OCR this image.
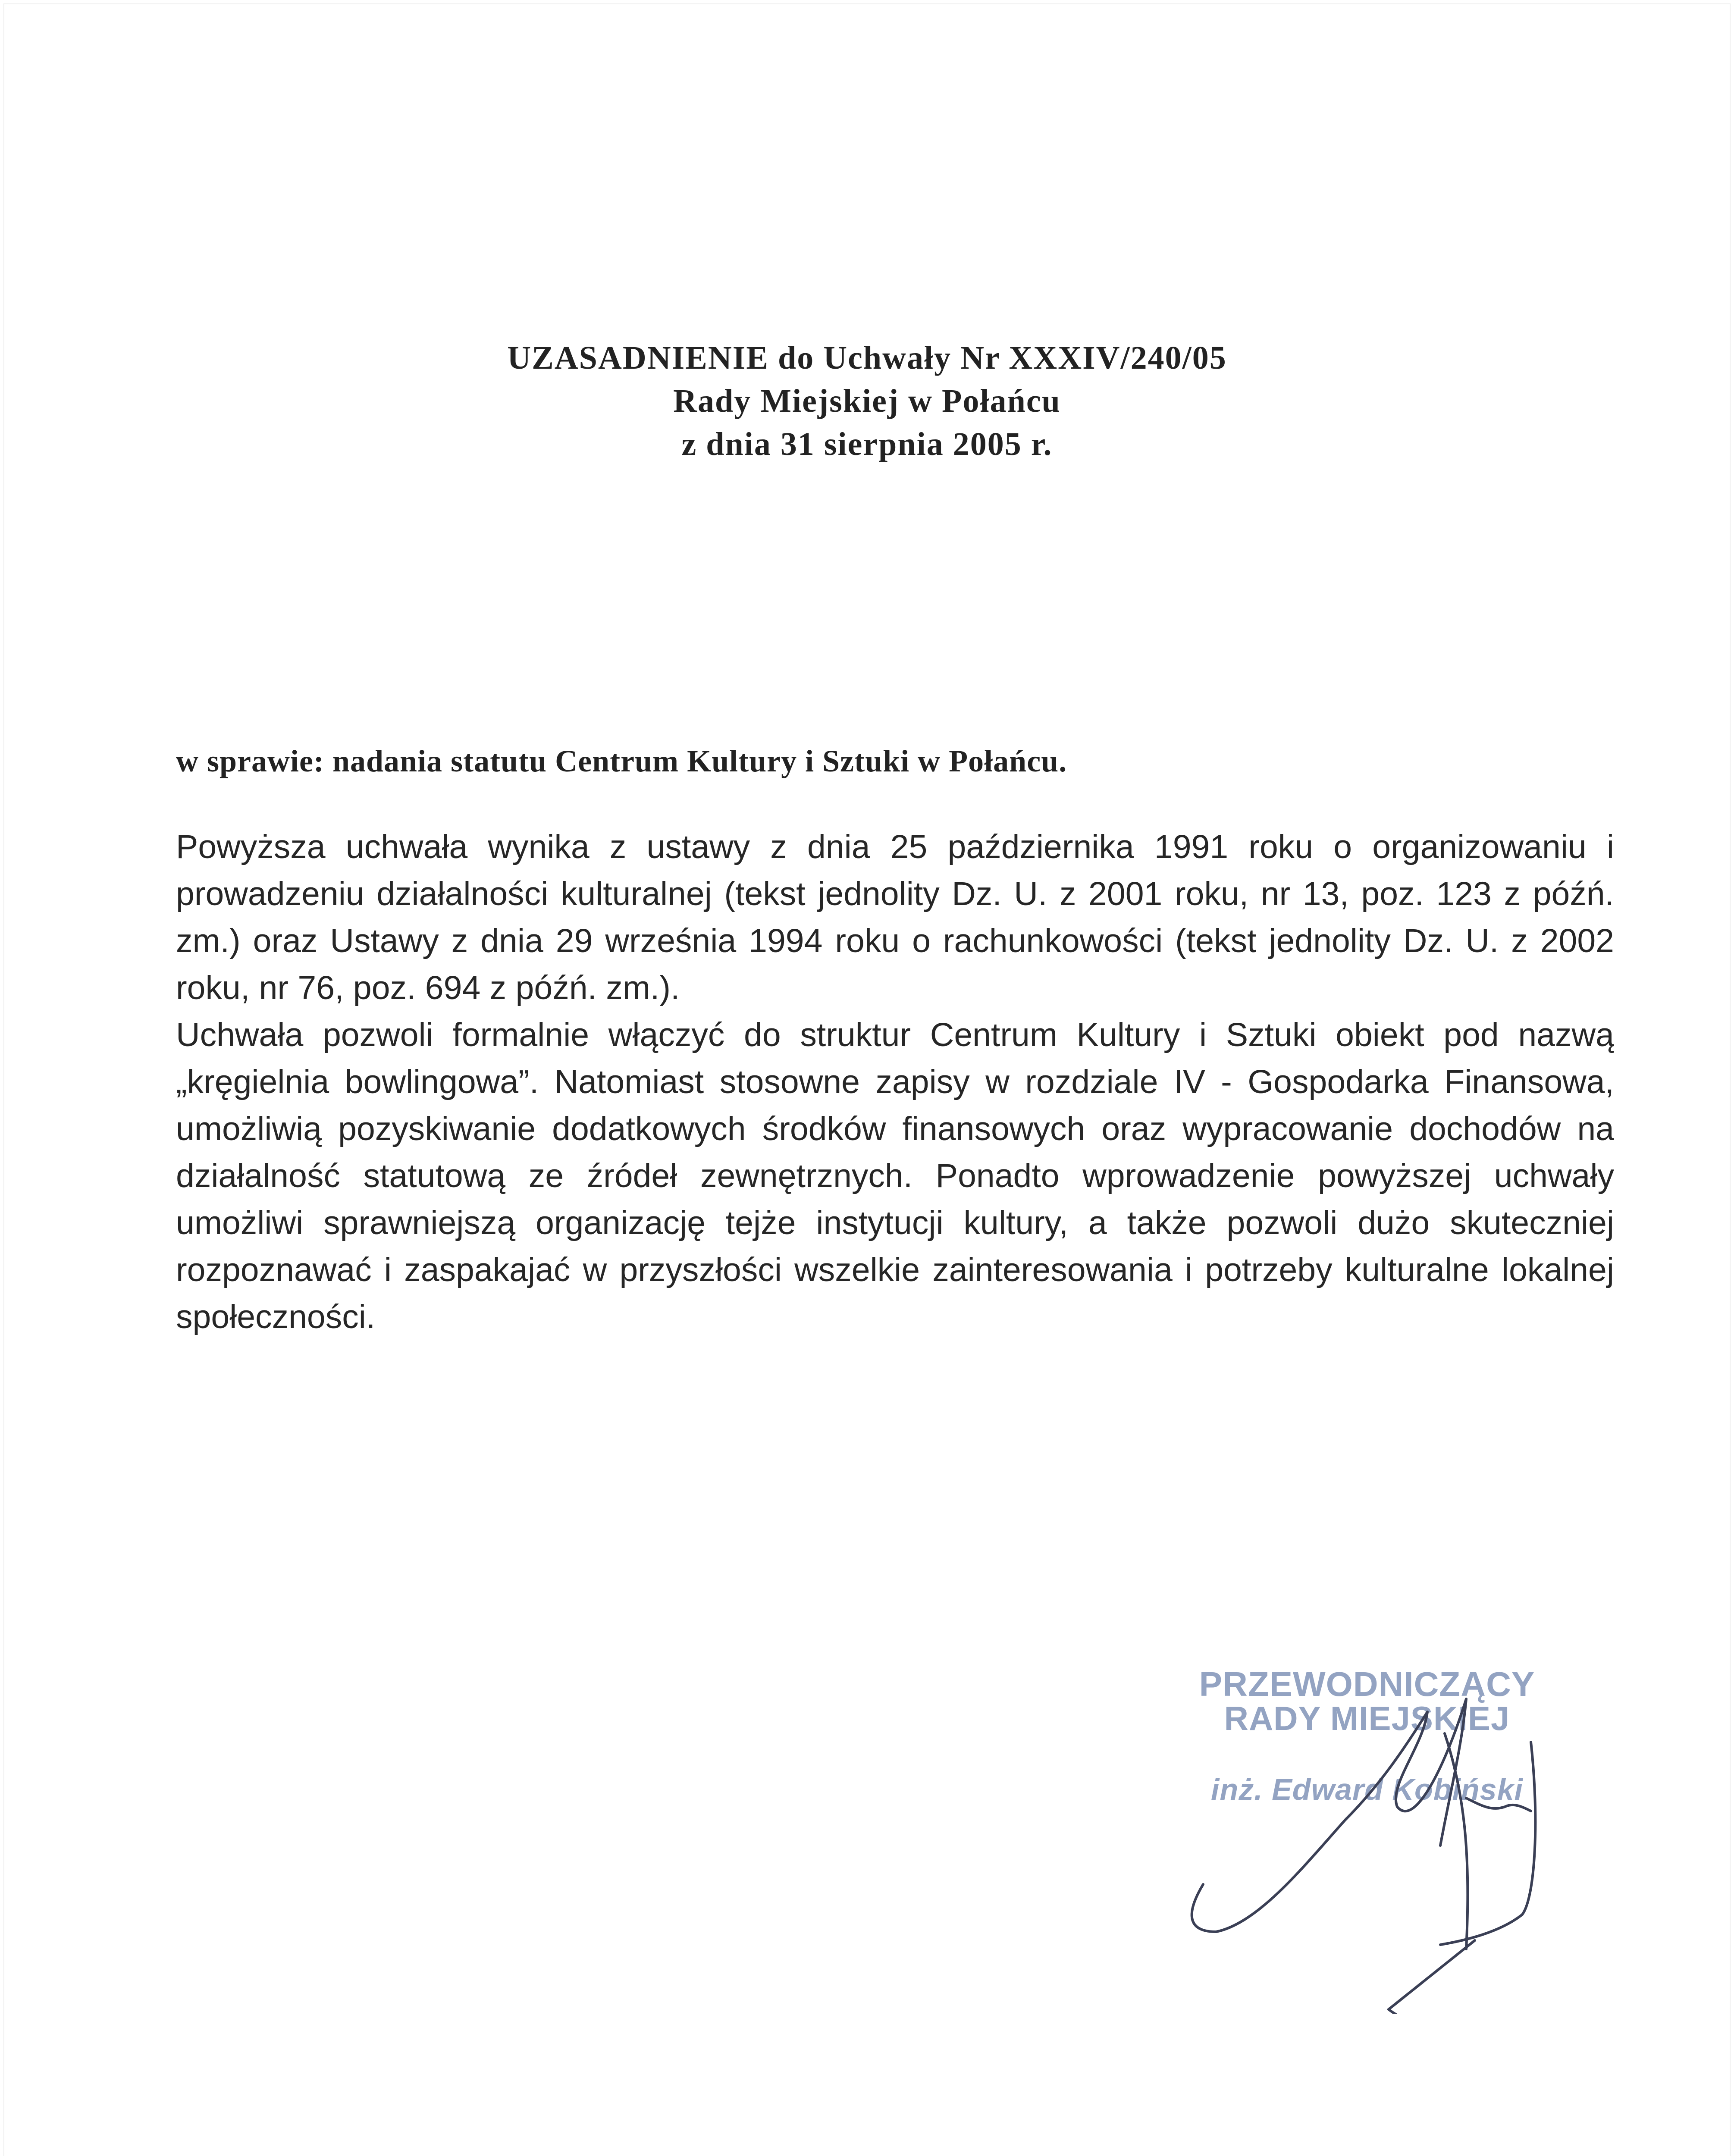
UZASADNIENIE do Uchwały Nr XXXIV/240/05
Rady Miejskiej w Połańcu
z dnia 31 sierpnia 2005 r.
w sprawie: nadania statutu Centrum Kultury i Sztuki w Połańcu.

Powyższa uchwała wynika z ustawy z dnia 25 października 1991 roku o organizowaniu i prowadzeniu działalności kulturalnej (tekst jednolity Dz. U. z 2001 roku, nr 13, poz. 123 z późń. zm.) oraz Ustawy z dnia 29 września 1994 roku o rachunkowości (tekst jednolity Dz. U. z 2002 roku, nr 76, poz. 694 z późń. zm.).

Uchwała pozwoli formalnie włączyć do struktur Centrum Kultury i Sztuki obiekt pod nazwą „kręgielnia bowlingowa”. Natomiast stosowne zapisy w rozdziale IV - Gospodarka Finansowa, umożliwią pozyskiwanie dodatkowych środków finansowych oraz wypracowanie dochodów na działalność statutową ze źródeł zewnętrznych. Ponadto wprowadzenie powyższej uchwały umożliwi sprawniejszą organizację tejże instytucji kultury, a także pozwoli dużo skuteczniej rozpoznawać i zaspakajać w przyszłości wszelkie zainteresowania i potrzeby kulturalne lokalnej społeczności.

PRZEWODNICZĄCY
RADY MIEJSKIEJ
inż. Edward Kobiński
